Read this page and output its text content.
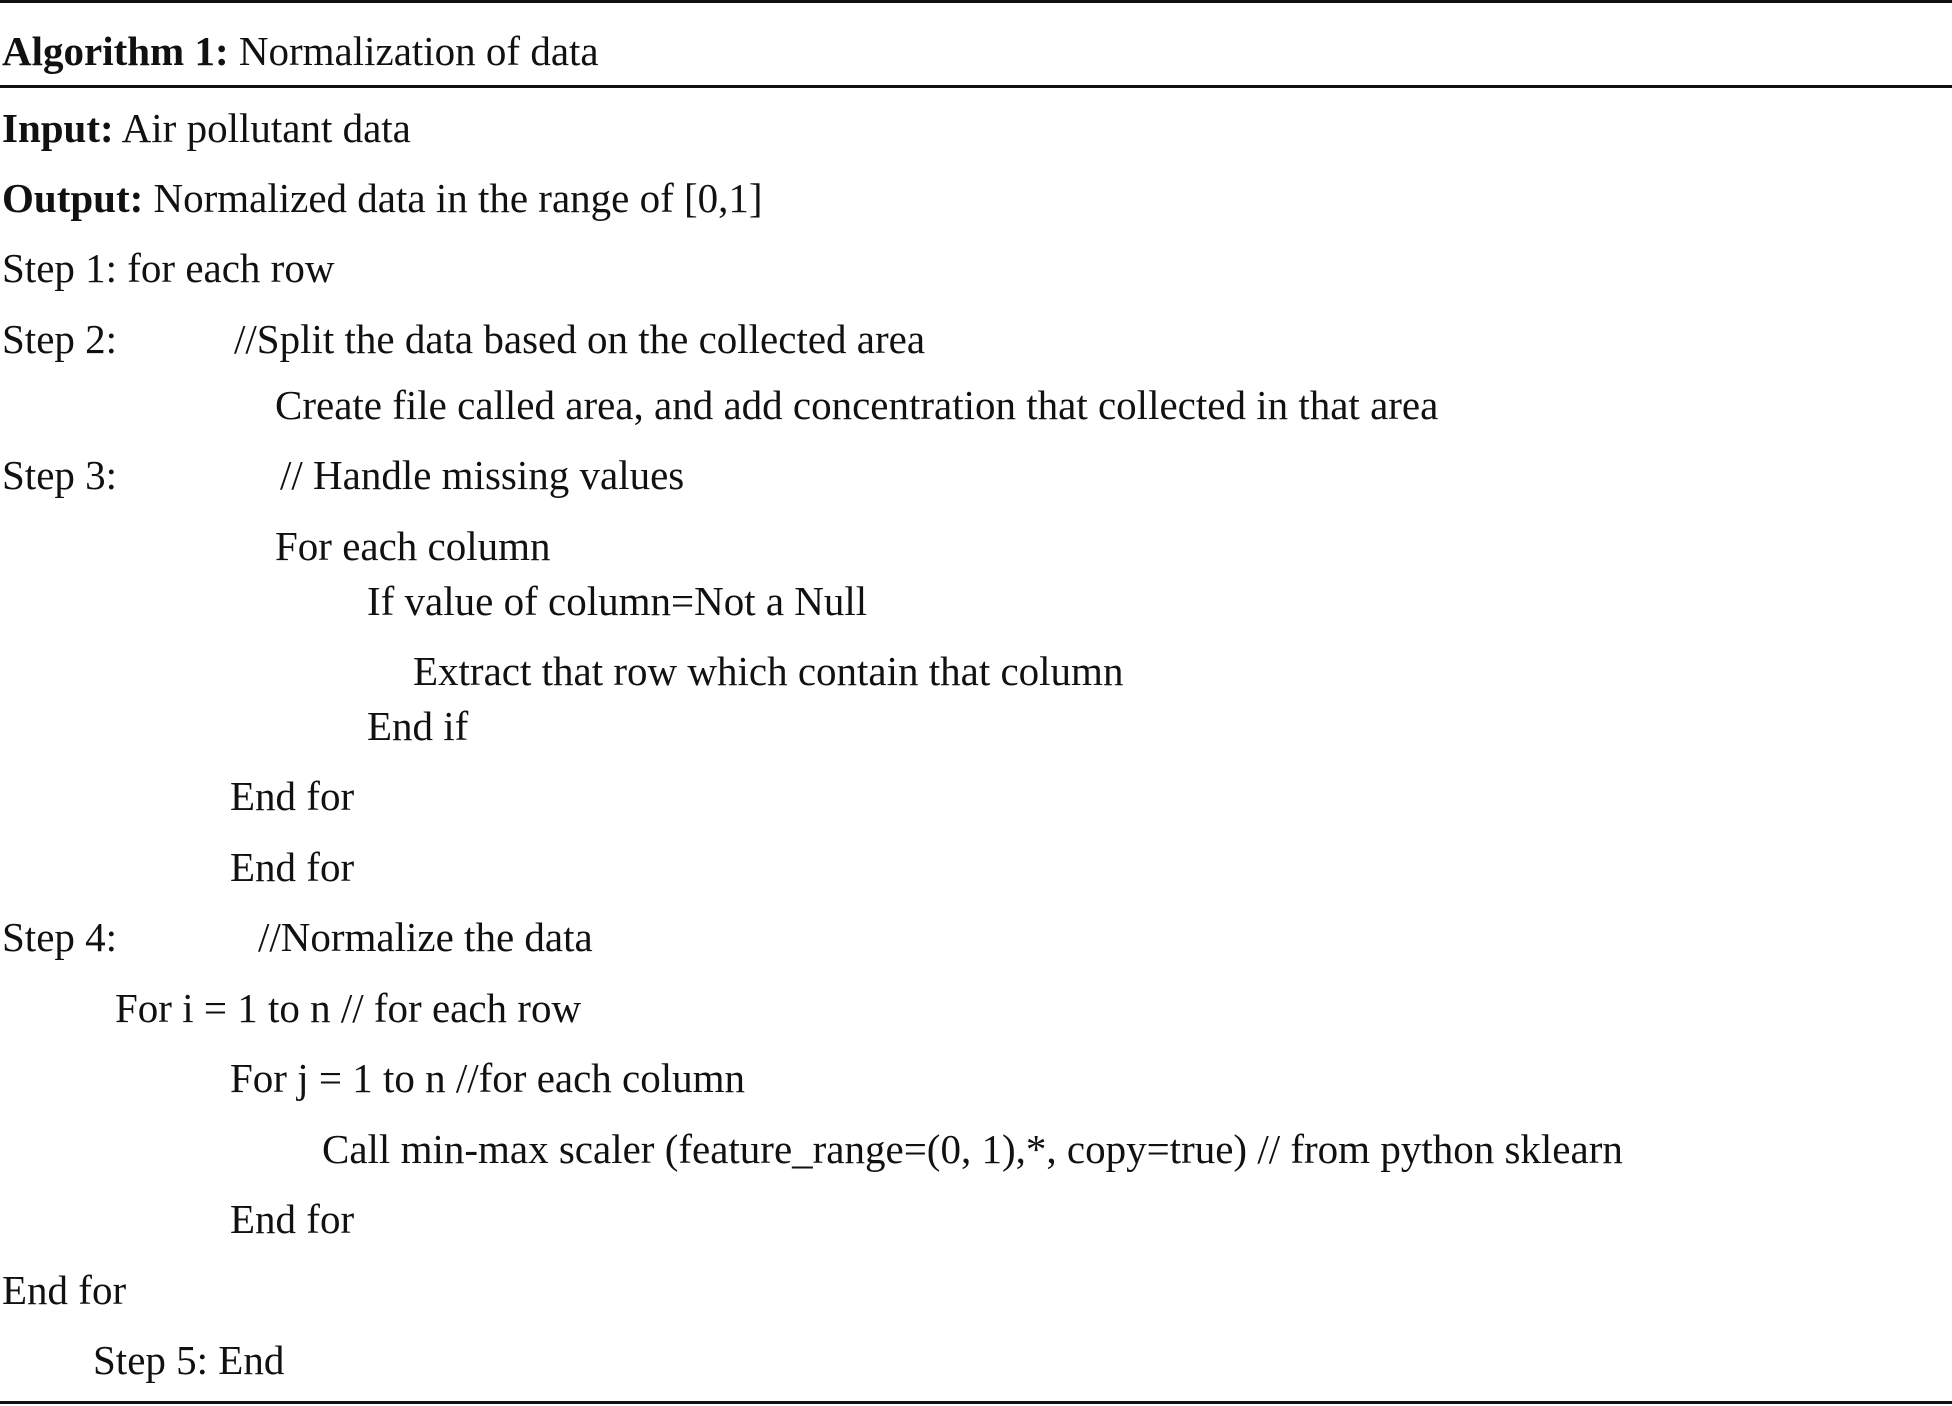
Algorithm 1: Normalization of data
Input: Air pollutant data
Output: Normalized data in the range of [0,1]
Step 1: for each row
Step 2:	//Split the data based on the collected area
Create file called area, and add concentration that collected in that area
Step 3:	// Handle missing values
For each column
If value of column=Not a Null
Extract that row which contain that column
End if
End for
End for
Step 4:	//Normalize the data
For i = 1 to n // for each row
For j = 1 to n //for each column
Call min-max scaler (feature_range=(0, 1),*, copy=true) // from python sklearn
End for
End for
Step 5: End
